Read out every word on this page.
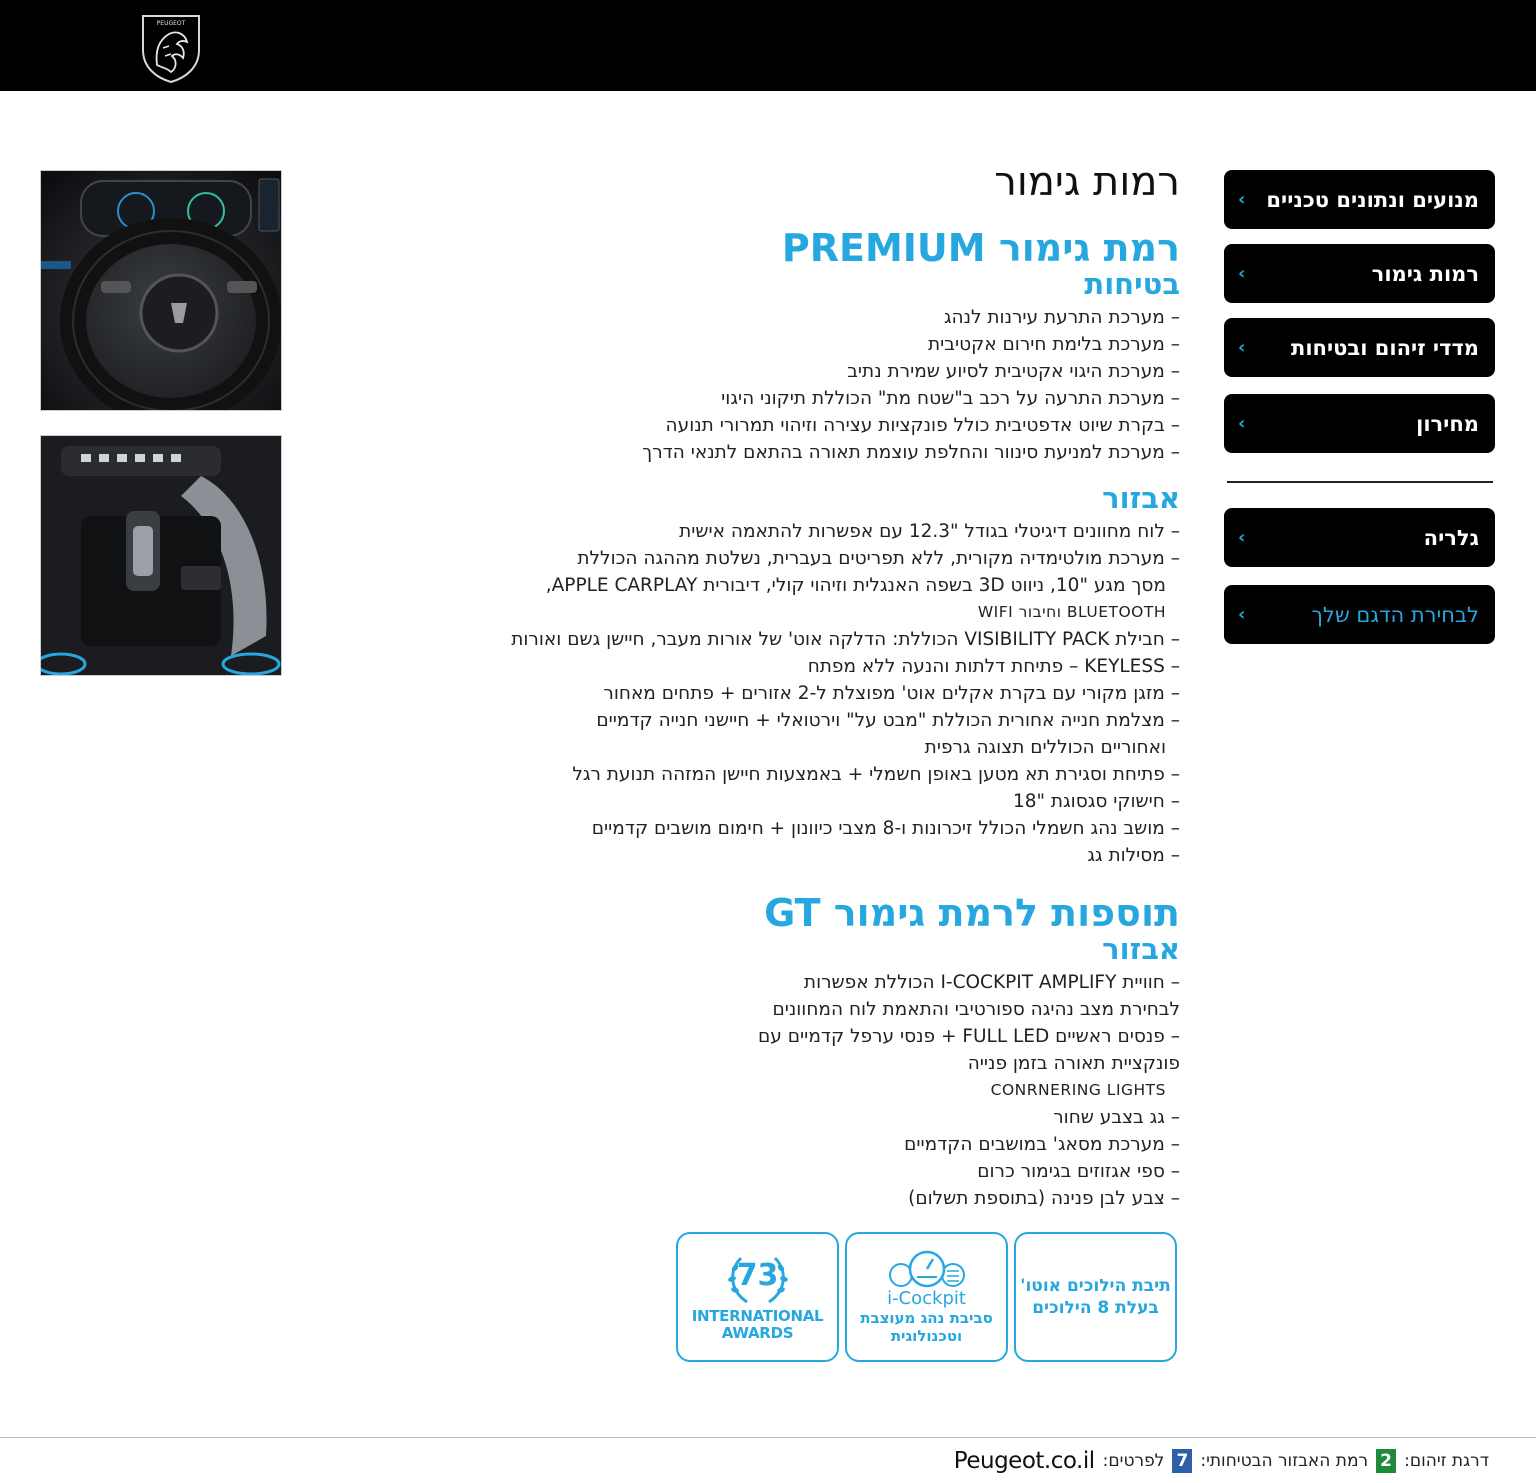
PEUGEOT
מנועים ונתונים טכניים
›
רמות גימור
›
מדדי זיהום ובטיחות
›
מחירון
›
גלריה
›
לבחירת הדגם שלך
›
רמות גימור
רמת גימור PREMIUM
בטיחות
– מערכת התרעת עירנות לנהג
– מערכת בלימת חירום אקטיבית
– מערכת היגוי אקטיבית לסיוע שמירת נתיב
– מערכת התרעה על רכב ב"שטח מת" הכוללת תיקוני היגוי
– בקרת שיוט אדפטיבית כולל פונקציות עצירה וזיהוי תמרורי תנועה
– מערכת למניעת סינוור והחלפת עוצמת תאורה בהתאם לתנאי הדרך
אבזור
– לוח מחוונים דיגיטלי בגודל "12.3 עם אפשרות להתאמה אישית
– מערכת מולטימדיה מקורית, ללא תפריטים בעברית, נשלטת מההגה הכוללת
מסך מגע "10, ניווט 3D בשפה האנגלית וזיהוי קולי, דיבורית APPLE CARPLAY,
BLUETOOTH וחיבור WIFI
– חבילת VISIBILITY PACK הכוללת: הדלקה אוט' של אורות מעבר, חיישן גשם ואורות
– KEYLESS – פתיחת דלתות והנעה ללא מפתח
– מזגן מקורי עם בקרת אקלים אוט' מפוצלת ל-2 אזורים + פתחים מאחור
– מצלמת חנייה אחורית הכוללת "מבט על" וירטואלי + חיישני חנייה קדמיים
ואחוריים הכוללים תצוגה גרפית
– פתיחת וסגירת תא מטען באופן חשמלי + באמצעות חיישן המזהה תנועת רגל
– חישוקי סגסוגת "18
– מושב נהג חשמלי הכולל זיכרונות ו-8 מצבי כיוונון + חימום מושבים קדמיים
– מסילות גג
תוספות לרמת גימור GT
אבזור
– חוויית I-COCKPIT AMPLIFY הכוללת אפשרות
לבחירת מצב נהיגה ספורטיבי והתאמת לוח המחוונים
– פנסים ראשיים FULL LED + פנסי ערפל קדמיים עם
פונקציית תאורה בזמן פנייה
CONRNERING LIGHTS
– גג בצבע שחור
– מערכת מסאג' במושבים הקדמיים
– ספי אגזוזים בגימור כרום
– צבע לבן פנינה (בתוספת תשלום)
תיבת הילוכים אוטו'
בעלת 8 הילוכים
i-Cockpit
סביבת נהג מעוצבת
וטכנולוגית
73
INTERNATIONAL
AWARDS
דרגת זיהום:
2
רמת האבזור הבטיחותי:
7
לפרטים:
Peugeot.co.il
